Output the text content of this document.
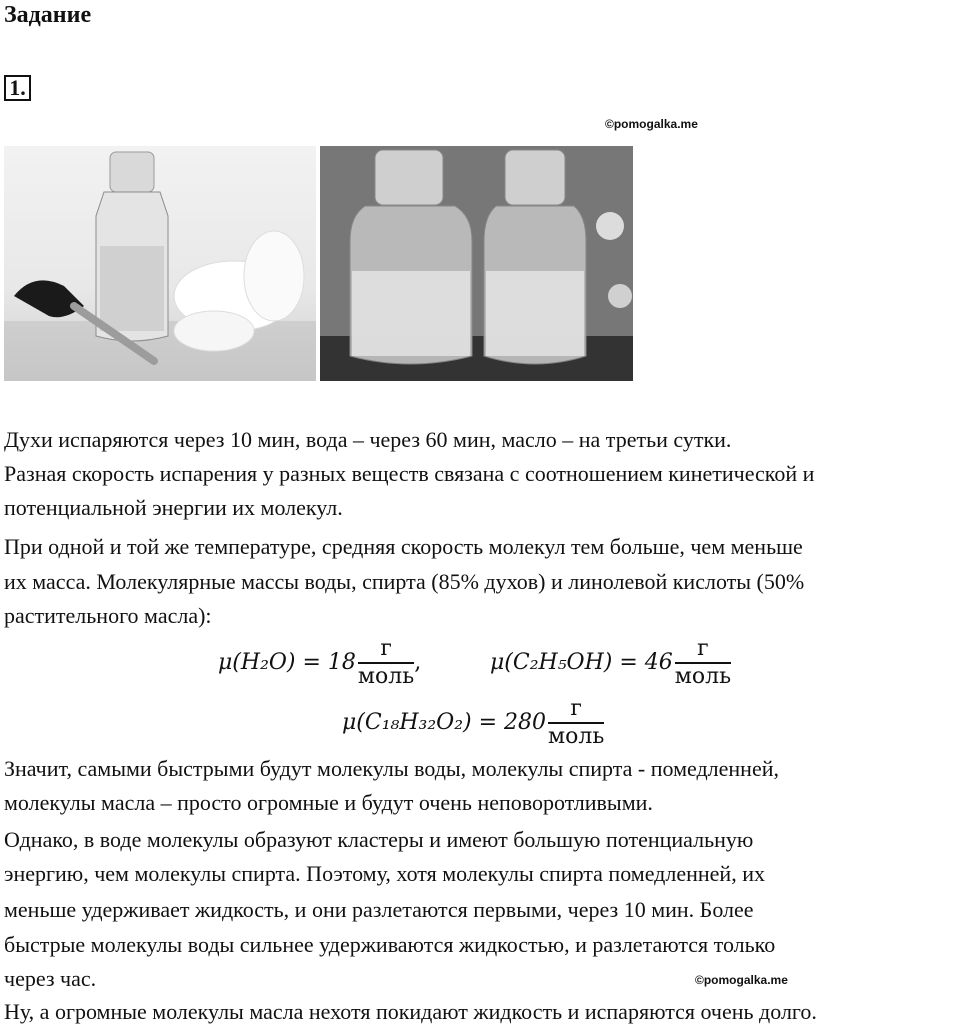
Задание
1.
©pomogalka.me
Духи испаряются через 10 мин, вода – через 60 мин, масло – на третьи сутки.
Разная скорость испарения у разных веществ связана с соотношением кинетической и
потенциальной энергии их молекул.
При одной и той же температуре, средняя скорость молекул тем больше, чем меньше
их масса. Молекулярные массы воды, спирта (85% духов) и линолевой кислоты (50%
растительного масла):
$\mu(H_2O) = 18 \frac{г}{\text{моль}}$ ,	$\mu(C_2H_5OH) = 46 \frac{г}{\text{моль}}$
$\mu(C_{18}H_{32}O_2) = 280 \frac{г}{\text{моль}}$
Значит, самыми быстрыми будут молекулы воды, молекулы спирта - помедленней,
молекулы масла – просто огромные и будут очень неповоротливыми.
Однако, в воде молекулы образуют кластеры и имеют большую потенциальную
энергию, чем молекулы спирта. Поэтому, хотя молекулы спирта помедленней, их
меньше удерживает жидкость, и они разлетаются первыми, через 10 мин. Более
быстрые молекулы воды сильнее удерживаются жидкостью, и разлетаются только
через час.	©pomogalka.me
Ну, а огромные молекулы масла нехотя покидают жидкость и испаряются очень долго.
